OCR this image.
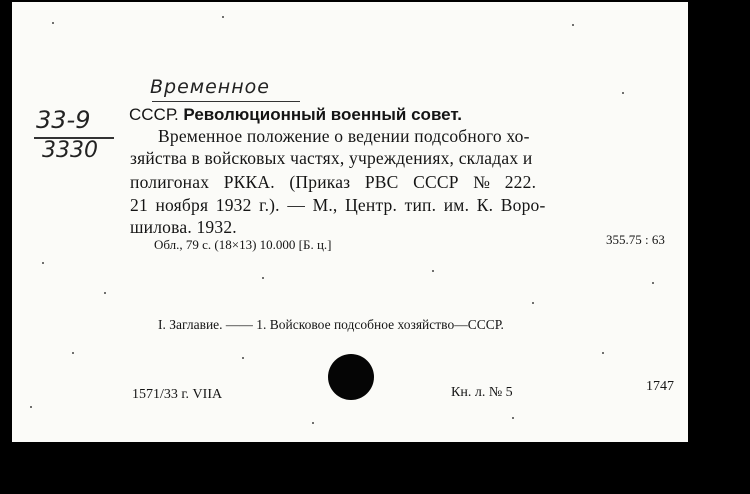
Временное
33-9
3330
СССР. Революционный военный совет.
Временное положение о ведении подсобного хо-
зяйства в войсковых частях, учреждениях, складах и
полигонах РККА. (Приказ РВС СССР № 222.
21 ноября 1932 г.). — М., Центр. тип. им. К. Воро-
шилова. 1932.
Обл., 79 с. (18×13) 10.000 [Б. ц.]	355.75 : 63
I. Заглавие. —— 1. Войсковое подсобное хозяйство—СССР.
1571/33 г. VIIA	Кн. л. № 5	1747
